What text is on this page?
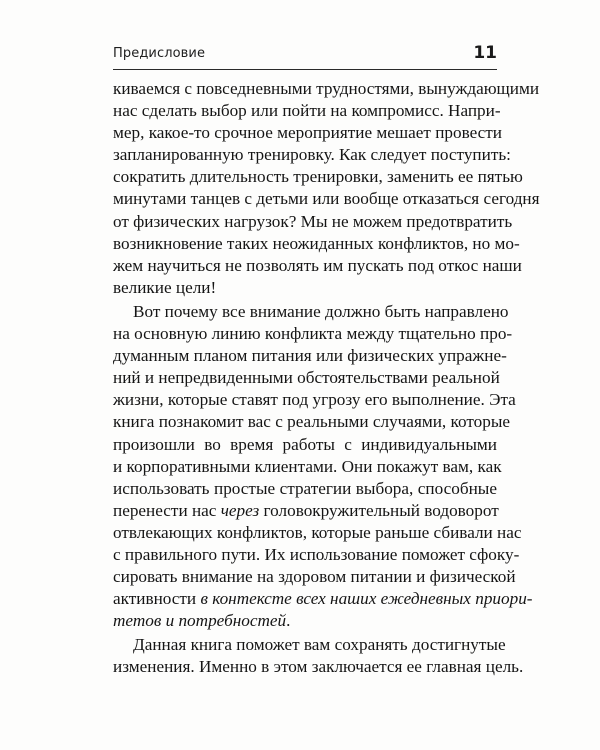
Предисловие	11
киваемся с повседневными трудностями, вынуждающими
нас сделать выбор или пойти на компромисс. Напри-
мер, какое-то срочное мероприятие мешает провести
запланированную тренировку. Как следует поступить:
сократить длительность тренировки, заменить ее пятью
минутами танцев с детьми или вообще отказаться сегодня
от физических нагрузок? Мы не можем предотвратить
возникновение таких неожиданных конфликтов, но мо-
жем научиться не позволять им пускать под откос наши
великие цели!
Вот почему все внимание должно быть направлено
на основную линию конфликта между тщательно про-
думанным планом питания или физических упражне-
ний и непредвиденными обстоятельствами реальной
жизни, которые ставят под угрозу его выполнение. Эта
книга познакомит вас с реальными случаями, которые
произошли во время работы с индивидуальными
и корпоративными клиентами. Они покажут вам, как
использовать простые стратегии выбора, способные
перенести нас через головокружительный водоворот
отвлекающих конфликтов, которые раньше сбивали нас
с правильного пути. Их использование поможет сфоку-
сировать внимание на здоровом питании и физической
активности в контексте всех наших ежедневных приори-
тетов и потребностей.
Данная книга поможет вам сохранять достигнутые
изменения. Именно в этом заключается ее главная цель.
